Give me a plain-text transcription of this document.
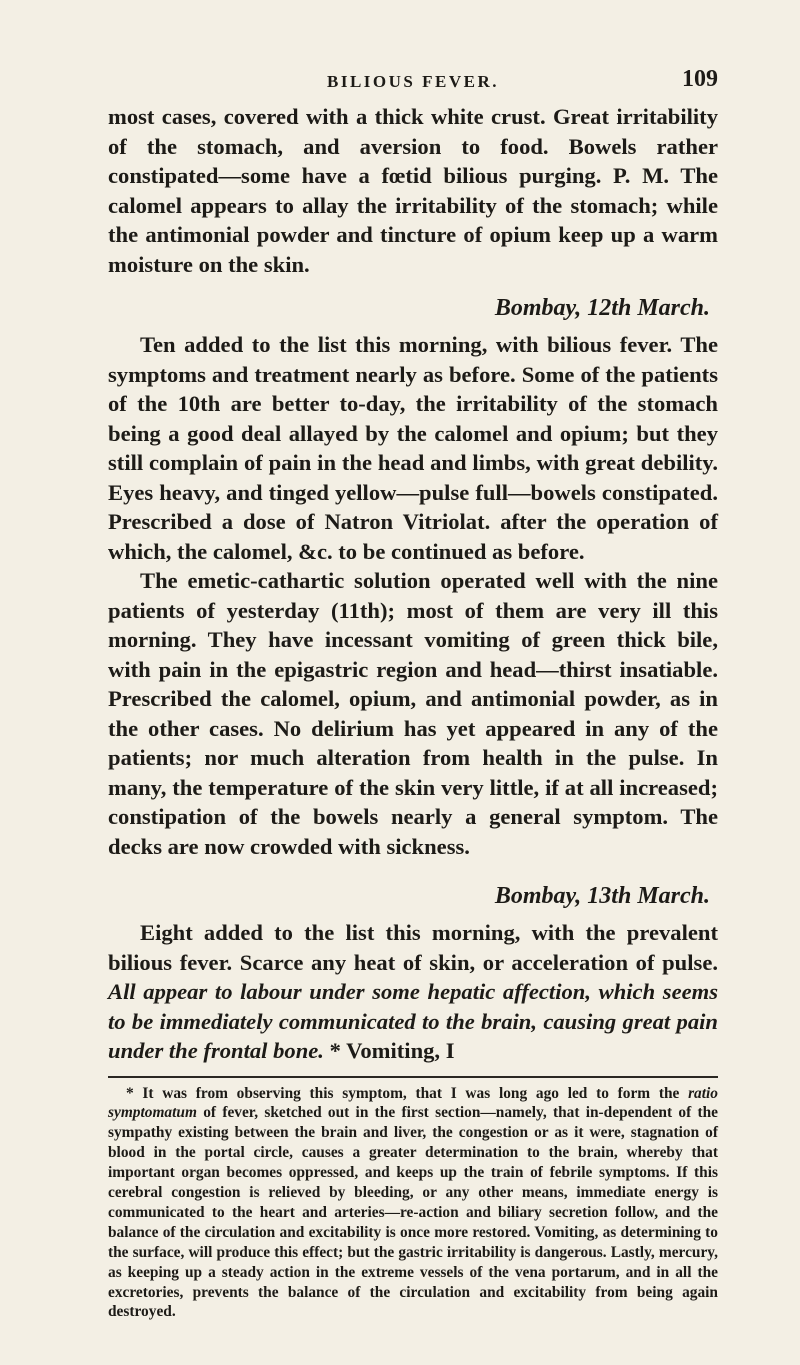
BILIOUS FEVER.	109

most cases, covered with a thick white crust. Great irritability of the stomach, and aversion to food. Bowels rather constipated—some have a fœtid bilious purging. P. M. The calomel appears to allay the irritability of the stomach; while the antimonial powder and tincture of opium keep up a warm moisture on the skin.

Bombay, 12th March.

Ten added to the list this morning, with bilious fever. The symptoms and treatment nearly as before. Some of the patients of the 10th are better to-day, the irritability of the stomach being a good deal allayed by the calomel and opium; but they still complain of pain in the head and limbs, with great debility. Eyes heavy, and tinged yellow—pulse full—bowels constipated. Prescribed a dose of Natron Vitriolat. after the operation of which, the calomel, &c. to be continued as before.

The emetic-cathartic solution operated well with the nine patients of yesterday (11th); most of them are very ill this morning. They have incessant vomiting of green thick bile, with pain in the epigastric region and head—thirst insatiable. Prescribed the calomel, opium, and antimonial powder, as in the other cases. No delirium has yet appeared in any of the patients; nor much alteration from health in the pulse. In many, the temperature of the skin very little, if at all increased; constipation of the bowels nearly a general symptom. The decks are now crowded with sickness.

Bombay, 13th March.

Eight added to the list this morning, with the prevalent bilious fever. Scarce any heat of skin, or acceleration of pulse. All appear to labour under some hepatic affection, which seems to be immediately communicated to the brain, causing great pain under the frontal bone. * Vomiting, I

* It was from observing this symptom, that I was long ago led to form the ratio symptomatum of fever, sketched out in the first section—namely, that in-dependent of the sympathy existing between the brain and liver, the congestion or as it were, stagnation of blood in the portal circle, causes a greater determination to the brain, whereby that important organ becomes oppressed, and keeps up the train of febrile symptoms. If this cerebral congestion is relieved by bleeding, or any other means, immediate energy is communicated to the heart and arteries—re-action and biliary secretion follow, and the balance of the circulation and excitability is once more restored. Vomiting, as determining to the surface, will produce this effect; but the gastric irritability is dangerous. Lastly, mercury, as keeping up a steady action in the extreme vessels of the vena portarum, and in all the excretories, prevents the balance of the circulation and excitability from being again destroyed.
